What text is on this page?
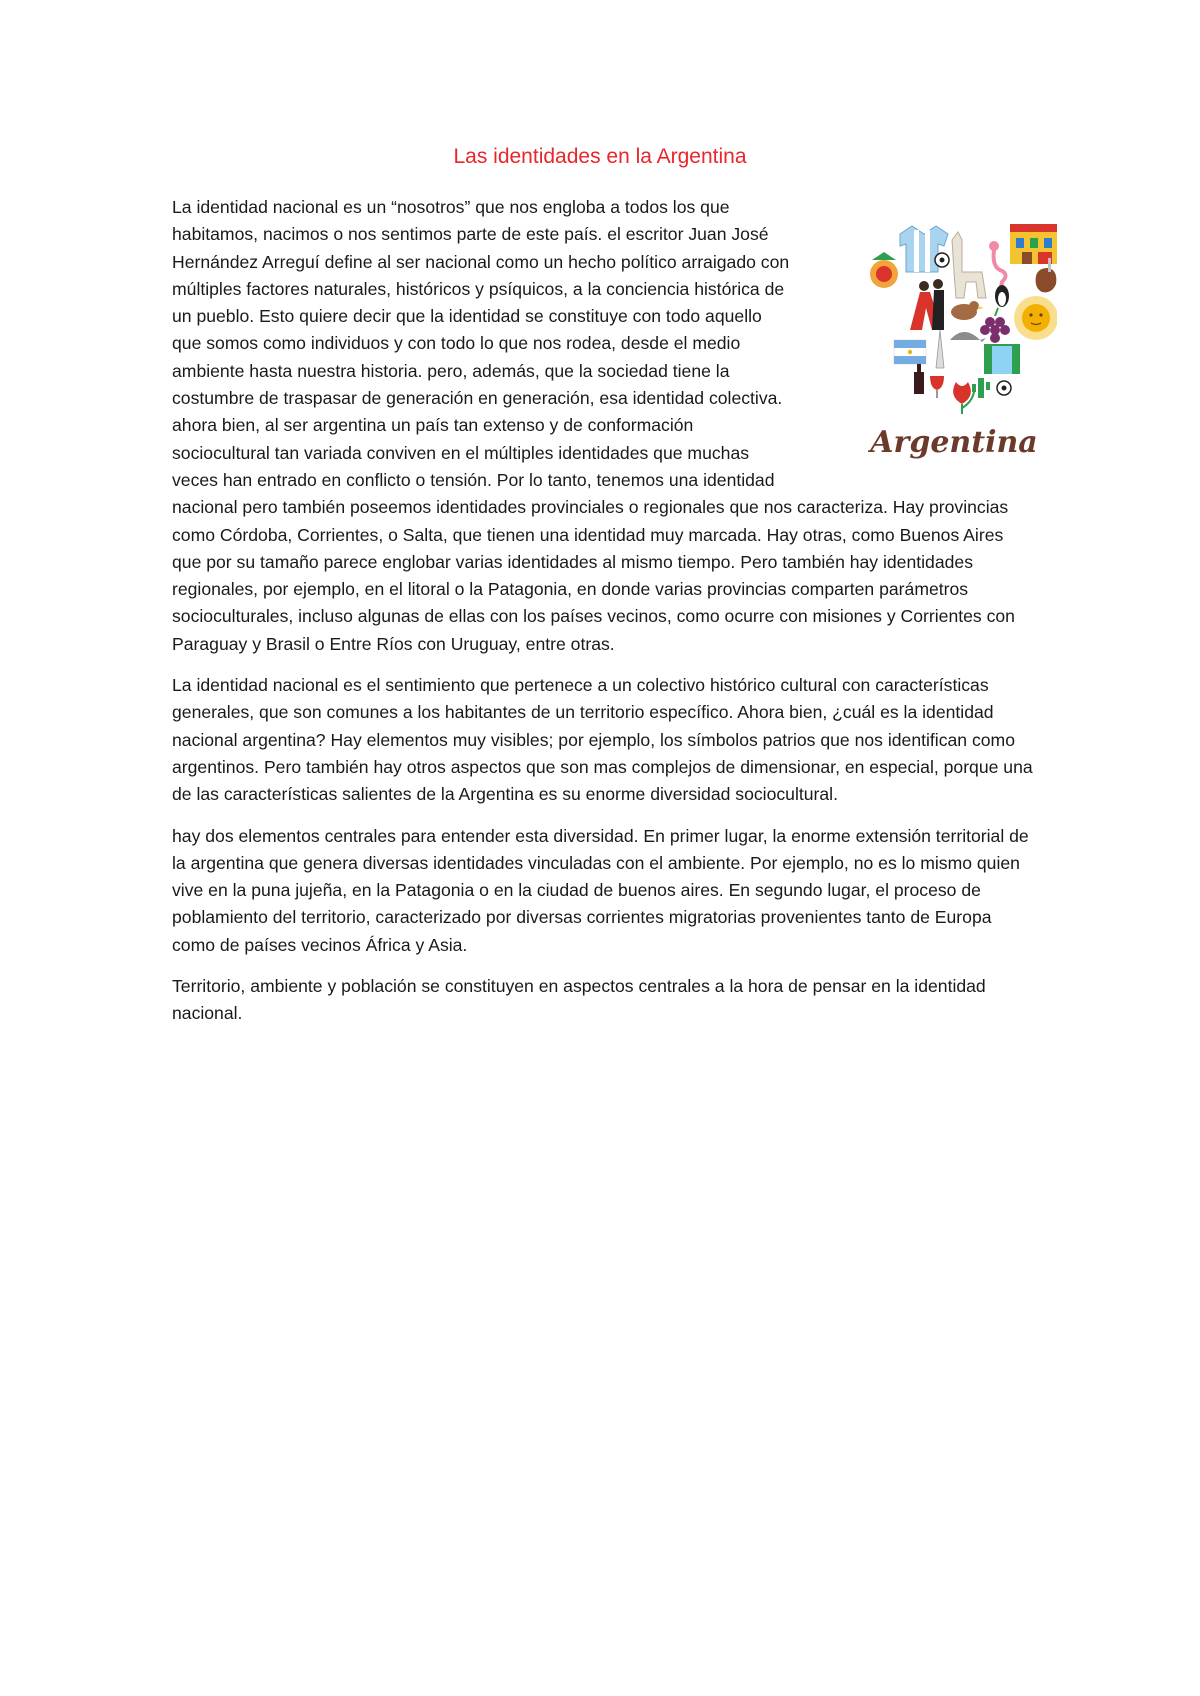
Las identidades en la Argentina
Argentina

La identidad nacional es un “nosotros” que nos engloba a todos los que habitamos, nacimos o nos sentimos parte de este país. el escritor Juan José Hernández Arreguí define al ser nacional como un hecho político arraigado con múltiples factores naturales, históricos y psíquicos, a la conciencia histórica de un pueblo. Esto quiere decir que la identidad se constituye con todo aquello que somos como individuos y con todo lo que nos rodea, desde el medio ambiente hasta nuestra historia. pero, además, que la sociedad tiene la costumbre de traspasar de generación en generación, esa identidad colectiva. ahora bien, al ser argentina un país tan extenso y de conformación sociocultural tan variada conviven en el múltiples identidades que muchas veces han entrado en conflicto o tensión. Por lo tanto, tenemos una identidad nacional pero también poseemos identidades provinciales o regionales que nos caracteriza. Hay provincias como Córdoba, Corrientes, o Salta, que tienen una identidad muy marcada. Hay otras, como Buenos Aires que por su tamaño parece englobar varias identidades al mismo tiempo. Pero también hay identidades regionales, por ejemplo, en el litoral o la Patagonia, en donde varias provincias comparten parámetros socioculturales, incluso algunas de ellas con los países vecinos, como ocurre con misiones y Corrientes con Paraguay y Brasil o Entre Ríos con Uruguay, entre otras.

La identidad nacional es el sentimiento que pertenece a un colectivo histórico cultural con características generales, que son comunes a los habitantes de un territorio específico. Ahora bien, ¿cuál es la identidad nacional argentina? Hay elementos muy visibles; por ejemplo, los símbolos patrios que nos identifican como argentinos. Pero también hay otros aspectos que son mas complejos de dimensionar, en especial, porque una de las características salientes de la Argentina es su enorme diversidad sociocultural.

hay dos elementos centrales para entender esta diversidad. En primer lugar, la enorme extensión territorial de la argentina que genera diversas identidades vinculadas con el ambiente. Por ejemplo, no es lo mismo quien vive en la puna jujeña, en la Patagonia o en la ciudad de buenos aires. En segundo lugar, el proceso de poblamiento del territorio, caracterizado por diversas corrientes migratorias provenientes tanto de Europa como de países vecinos África y Asia.

Territorio, ambiente y población se constituyen en aspectos centrales a la hora de pensar en la identidad nacional.
